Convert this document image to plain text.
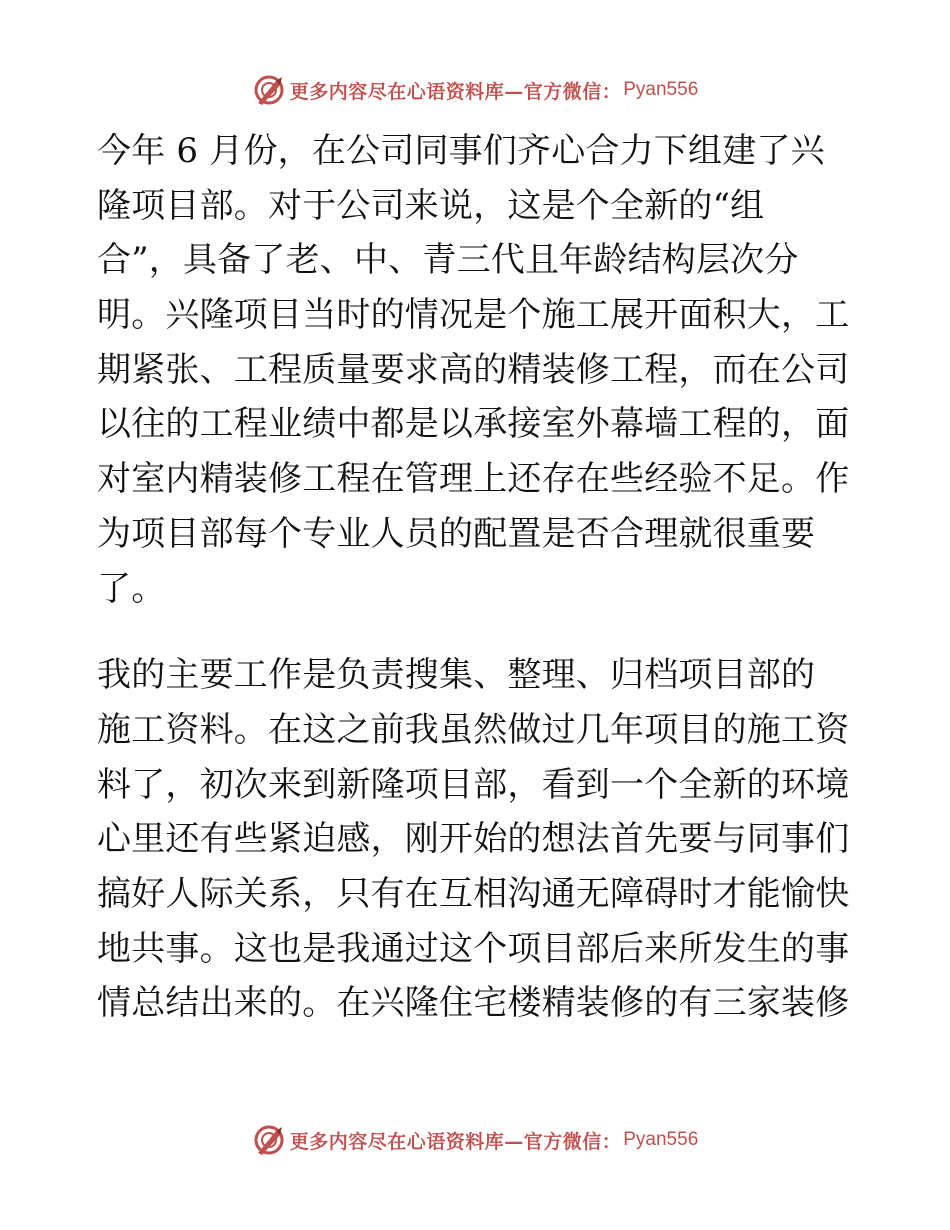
更多内容尽在心语资料库—官方微信： Pyan556
今年 6 月份，在公司同事们齐心合力下组建了兴
隆项目部。对于公司来说，这是个全新的“组
合”，具备了老、中、青三代且年龄结构层次分
明。兴隆项目当时的情况是个施工展开面积大，工
期紧张、工程质量要求高的精装修工程，而在公司
以往的工程业绩中都是以承接室外幕墙工程的，面
对室内精装修工程在管理上还存在些经验不足。作
为项目部每个专业人员的配置是否合理就很重要
了。
我的主要工作是负责搜集、整理、归档项目部的
施工资料。在这之前我虽然做过几年项目的施工资
料了，初次来到新隆项目部，看到一个全新的环境
心里还有些紧迫感，刚开始的想法首先要与同事们
搞好人际关系，只有在互相沟通无障碍时才能愉快
地共事。这也是我通过这个项目部后来所发生的事
情总结出来的。在兴隆住宅楼精装修的有三家装修
更多内容尽在心语资料库—官方微信： Pyan556
